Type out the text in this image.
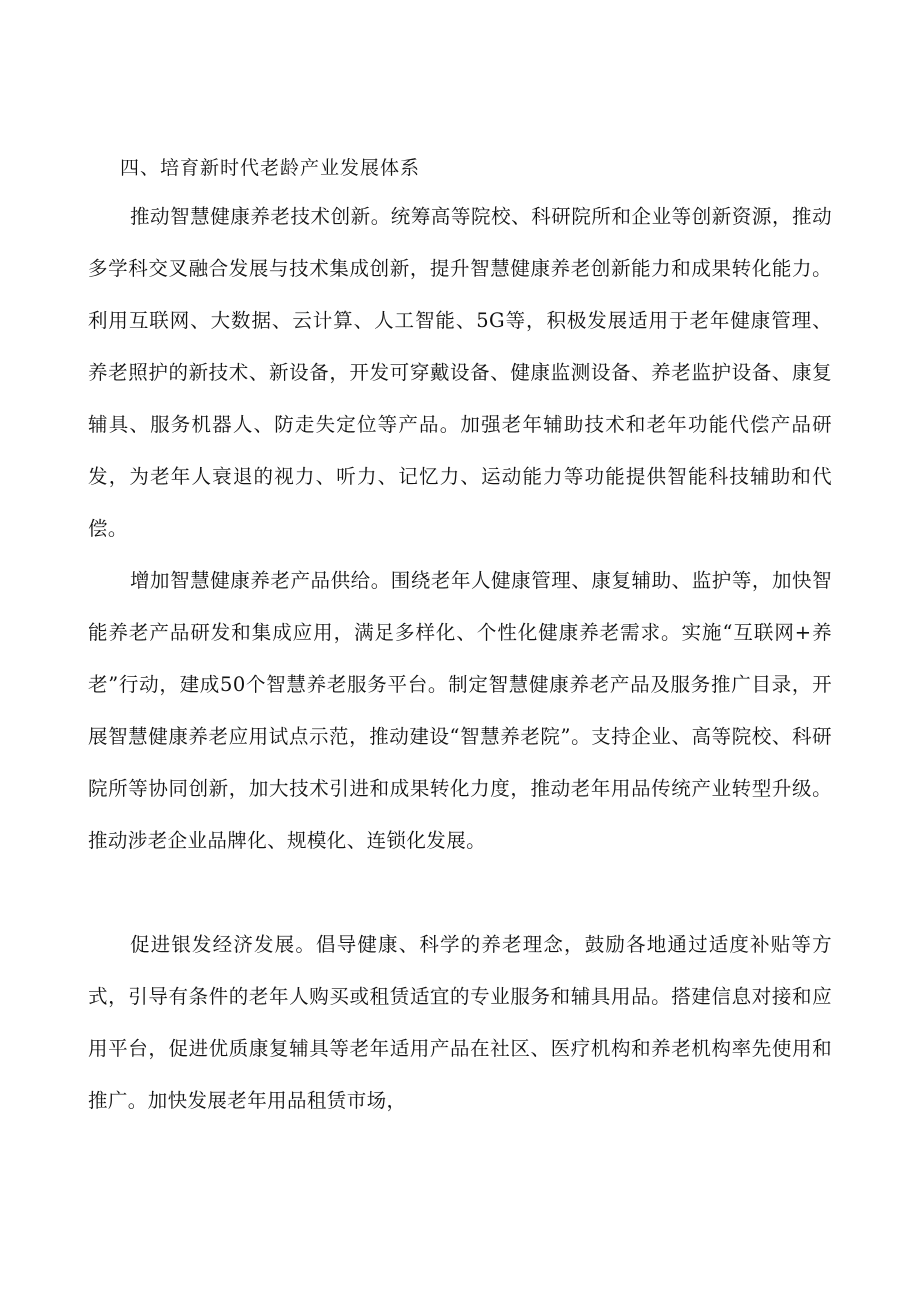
四、培育新时代老龄产业发展体系

推动智慧健康养老技术创新。统筹高等院校、科研院所和企业等创新资源，推动多学科交叉融合发展与技术集成创新，提升智慧健康养老创新能力和成果转化能力。利用互联网、大数据、云计算、人工智能、5G等，积极发展适用于老年健康管理、养老照护的新技术、新设备，开发可穿戴设备、健康监测设备、养老监护设备、康复辅具、服务机器人、防走失定位等产品。加强老年辅助技术和老年功能代偿产品研发，为老年人衰退的视力、听力、记忆力、运动能力等功能提供智能科技辅助和代偿。

增加智慧健康养老产品供给。围绕老年人健康管理、康复辅助、监护等，加快智能养老产品研发和集成应用，满足多样化、个性化健康养老需求。实施“互联网+养老”行动，建成50个智慧养老服务平台。制定智慧健康养老产品及服务推广目录，开展智慧健康养老应用试点示范，推动建设“智慧养老院”。支持企业、高等院校、科研院所等协同创新，加大技术引进和成果转化力度，推动老年用品传统产业转型升级。推动涉老企业品牌化、规模化、连锁化发展。

促进银发经济发展。倡导健康、科学的养老理念，鼓励各地通过适度补贴等方式，引导有条件的老年人购买或租赁适宜的专业服务和辅具用品。搭建信息对接和应用平台，促进优质康复辅具等老年适用产品在社区、医疗机构和养老机构率先使用和推广。加快发展老年用品租赁市场，
